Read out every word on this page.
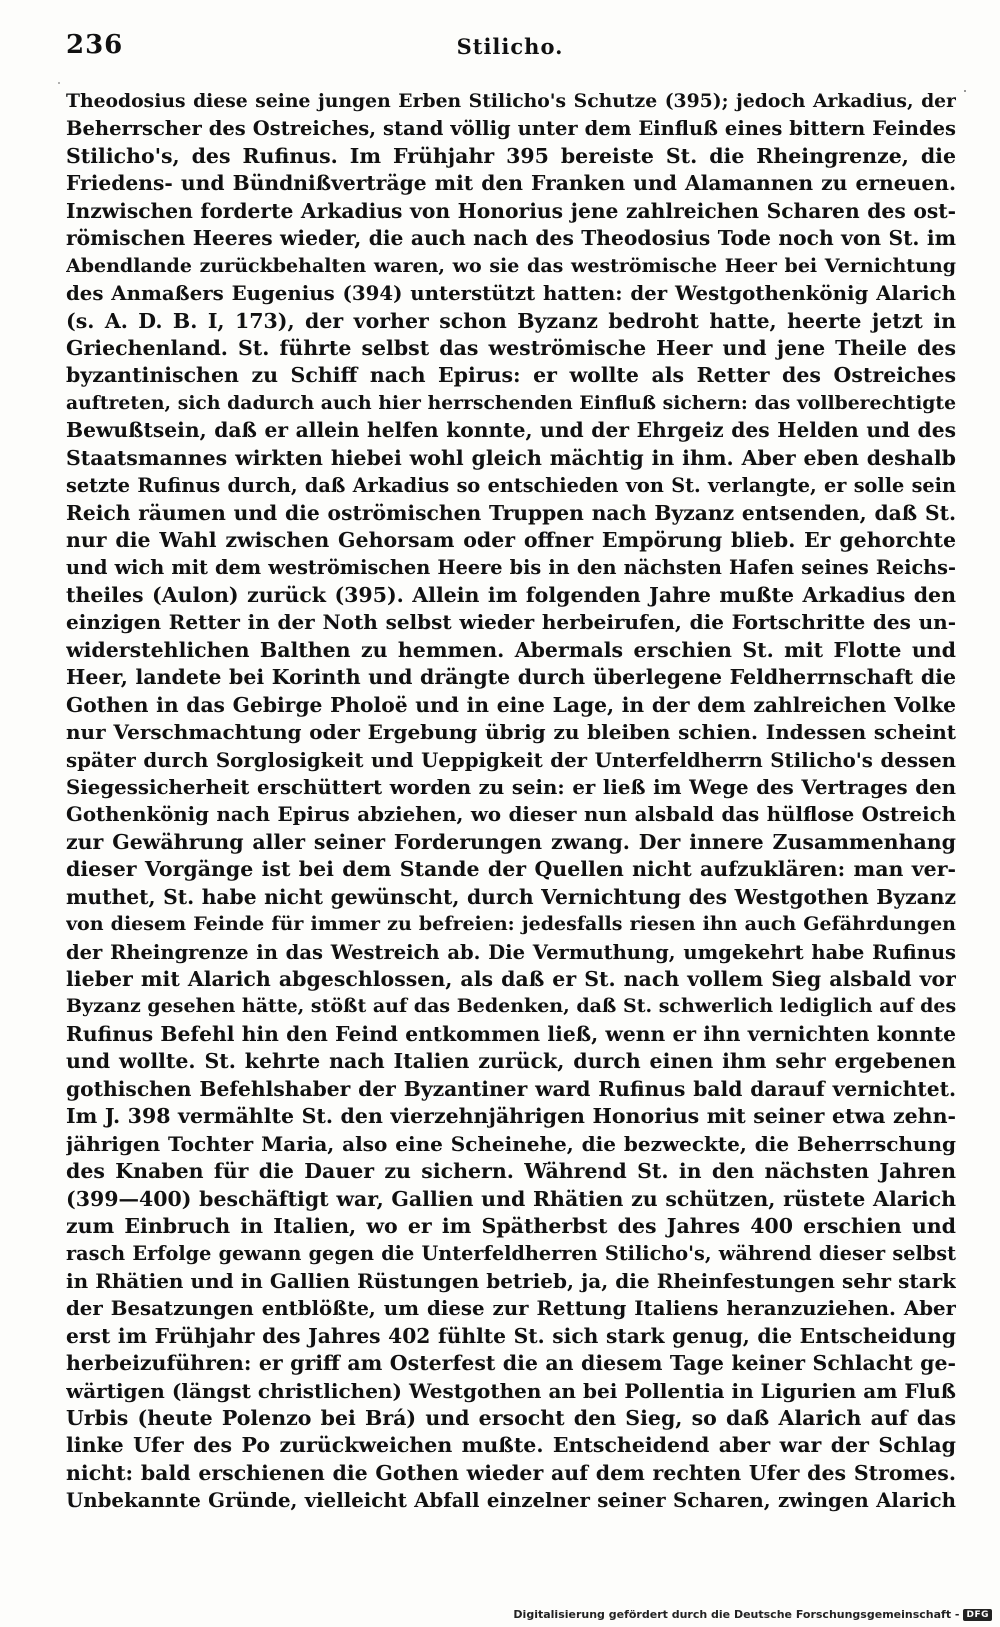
236	Stilicho.
Theodosius diese seine jungen Erben Stilicho's Schutze (395); jedoch Arkadius, der
Beherrscher des Ostreiches, stand völlig unter dem Einfluß eines bittern Feindes
Stilicho's, des Rufinus. Im Frühjahr 395 bereiste St. die Rheingrenze, die
Friedens- und Bündnißverträge mit den Franken und Alamannen zu erneuen.
Inzwischen forderte Arkadius von Honorius jene zahlreichen Scharen des ost-
römischen Heeres wieder, die auch nach des Theodosius Tode noch von St. im
Abendlande zurückbehalten waren, wo sie das weströmische Heer bei Vernichtung
des Anmaßers Eugenius (394) unterstützt hatten: der Westgothenkönig Alarich
(s. A. D. B. I, 173), der vorher schon Byzanz bedroht hatte, heerte jetzt in
Griechenland. St. führte selbst das weströmische Heer und jene Theile des
byzantinischen zu Schiff nach Epirus: er wollte als Retter des Ostreiches
auftreten, sich dadurch auch hier herrschenden Einfluß sichern: das vollberechtigte
Bewußtsein, daß er allein helfen konnte, und der Ehrgeiz des Helden und des
Staatsmannes wirkten hiebei wohl gleich mächtig in ihm. Aber eben deshalb
setzte Rufinus durch, daß Arkadius so entschieden von St. verlangte, er solle sein
Reich räumen und die oströmischen Truppen nach Byzanz entsenden, daß St.
nur die Wahl zwischen Gehorsam oder offner Empörung blieb. Er gehorchte
und wich mit dem weströmischen Heere bis in den nächsten Hafen seines Reichs-
theiles (Aulon) zurück (395). Allein im folgenden Jahre mußte Arkadius den
einzigen Retter in der Noth selbst wieder herbeirufen, die Fortschritte des un-
widerstehlichen Balthen zu hemmen. Abermals erschien St. mit Flotte und
Heer, landete bei Korinth und drängte durch überlegene Feldherrnschaft die
Gothen in das Gebirge Pholoë und in eine Lage, in der dem zahlreichen Volke
nur Verschmachtung oder Ergebung übrig zu bleiben schien. Indessen scheint
später durch Sorglosigkeit und Ueppigkeit der Unterfeldherrn Stilicho's dessen
Siegessicherheit erschüttert worden zu sein: er ließ im Wege des Vertrages den
Gothenkönig nach Epirus abziehen, wo dieser nun alsbald das hülflose Ostreich
zur Gewährung aller seiner Forderungen zwang. Der innere Zusammenhang
dieser Vorgänge ist bei dem Stande der Quellen nicht aufzuklären: man ver-
muthet, St. habe nicht gewünscht, durch Vernichtung des Westgothen Byzanz
von diesem Feinde für immer zu befreien: jedesfalls riesen ihn auch Gefährdungen
der Rheingrenze in das Westreich ab. Die Vermuthung, umgekehrt habe Rufinus
lieber mit Alarich abgeschlossen, als daß er St. nach vollem Sieg alsbald vor
Byzanz gesehen hätte, stößt auf das Bedenken, daß St. schwerlich lediglich auf des
Rufinus Befehl hin den Feind entkommen ließ, wenn er ihn vernichten konnte
und wollte. St. kehrte nach Italien zurück, durch einen ihm sehr ergebenen
gothischen Befehlshaber der Byzantiner ward Rufinus bald darauf vernichtet.
Im J. 398 vermählte St. den vierzehnjährigen Honorius mit seiner etwa zehn-
jährigen Tochter Maria, also eine Scheinehe, die bezweckte, die Beherrschung
des Knaben für die Dauer zu sichern. Während St. in den nächsten Jahren
(399—400) beschäftigt war, Gallien und Rhätien zu schützen, rüstete Alarich
zum Einbruch in Italien, wo er im Spätherbst des Jahres 400 erschien und
rasch Erfolge gewann gegen die Unterfeldherren Stilicho's, während dieser selbst
in Rhätien und in Gallien Rüstungen betrieb, ja, die Rheinfestungen sehr stark
der Besatzungen entblößte, um diese zur Rettung Italiens heranzuziehen. Aber
erst im Frühjahr des Jahres 402 fühlte St. sich stark genug, die Entscheidung
herbeizuführen: er griff am Osterfest die an diesem Tage keiner Schlacht ge-
wärtigen (längst christlichen) Westgothen an bei Pollentia in Ligurien am Fluß
Urbis (heute Polenzo bei Brá) und ersocht den Sieg, so daß Alarich auf das
linke Ufer des Po zurückweichen mußte. Entscheidend aber war der Schlag
nicht: bald erschienen die Gothen wieder auf dem rechten Ufer des Stromes.
Unbekannte Gründe, vielleicht Abfall einzelner seiner Scharen, zwingen Alarich
Digitalisierung gefördert durch die Deutsche Forschungsgemeinschaft - DFG
